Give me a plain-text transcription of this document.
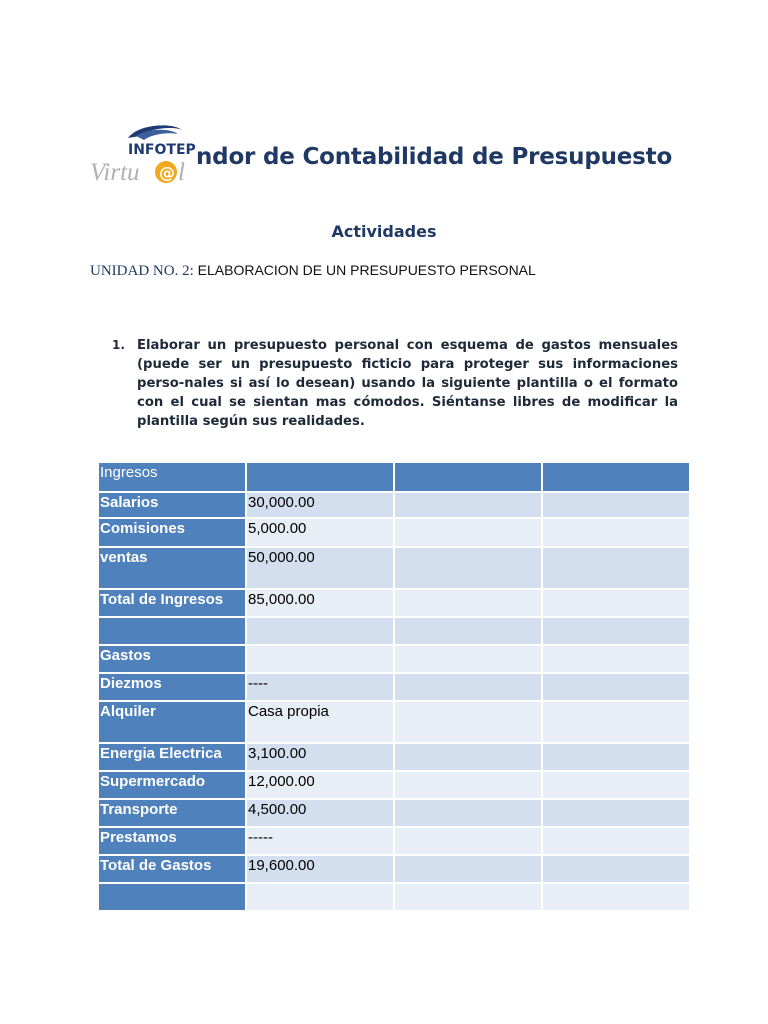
INFOTEP
Virtu @ l
ndor de Contabilidad de Presupuesto
Actividades
UNIDAD NO. 2: ELABORACION DE UN PRESUPUESTO PERSONAL
1. Elaborar un presupuesto personal con esquema de gastos mensuales (puede ser un presupuesto ficticio para proteger sus informaciones perso-nales si así lo desean) usando la siguiente plantilla o el formato con el cual se sientan mas cómodos. Siéntanse libres de modificar la plantilla según sus realidades.
Ingresos			
Salarios	30,000.00		
Comisiones	5,000.00		
ventas	50,000.00		
Total de Ingresos	85,000.00		

Gastos			
Diezmos	----		
Alquiler	Casa propia		
Energia Electrica	3,100.00		
Supermercado	12,000.00		
Transporte	4,500.00		
Prestamos	-----		
Total de Gastos	19,600.00		
